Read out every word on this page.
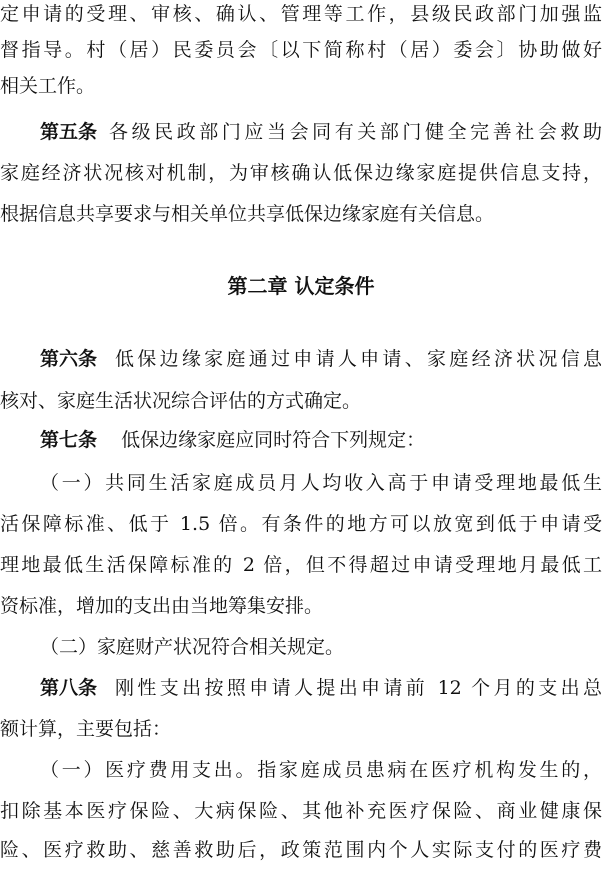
定申请的受理、审核、确认、管理等工作，县级民政部门加强监
督指导。村（居）民委员会〔以下简称村（居）委会〕协助做好
相关工作。
第五条 各级民政部门应当会同有关部门健全完善社会救助
家庭经济状况核对机制，为审核确认低保边缘家庭提供信息支持，
根据信息共享要求与相关单位共享低保边缘家庭有关信息。
第二章 认定条件
第六条 低保边缘家庭通过申请人申请、家庭经济状况信息
核对、家庭生活状况综合评估的方式确定。
第七条 低保边缘家庭应同时符合下列规定：
（一）共同生活家庭成员月人均收入高于申请受理地最低生
活保障标准、低于 1.5 倍。有条件的地方可以放宽到低于申请受
理地最低生活保障标准的 2 倍，但不得超过申请受理地月最低工
资标准，增加的支出由当地筹集安排。
（二）家庭财产状况符合相关规定。
第八条 刚性支出按照申请人提出申请前 12 个月的支出总
额计算，主要包括：
（一）医疗费用支出。指家庭成员患病在医疗机构发生的，
扣除基本医疗保险、大病保险、其他补充医疗保险、商业健康保
险、医疗救助、慈善救助后，政策范围内个人实际支付的医疗费
